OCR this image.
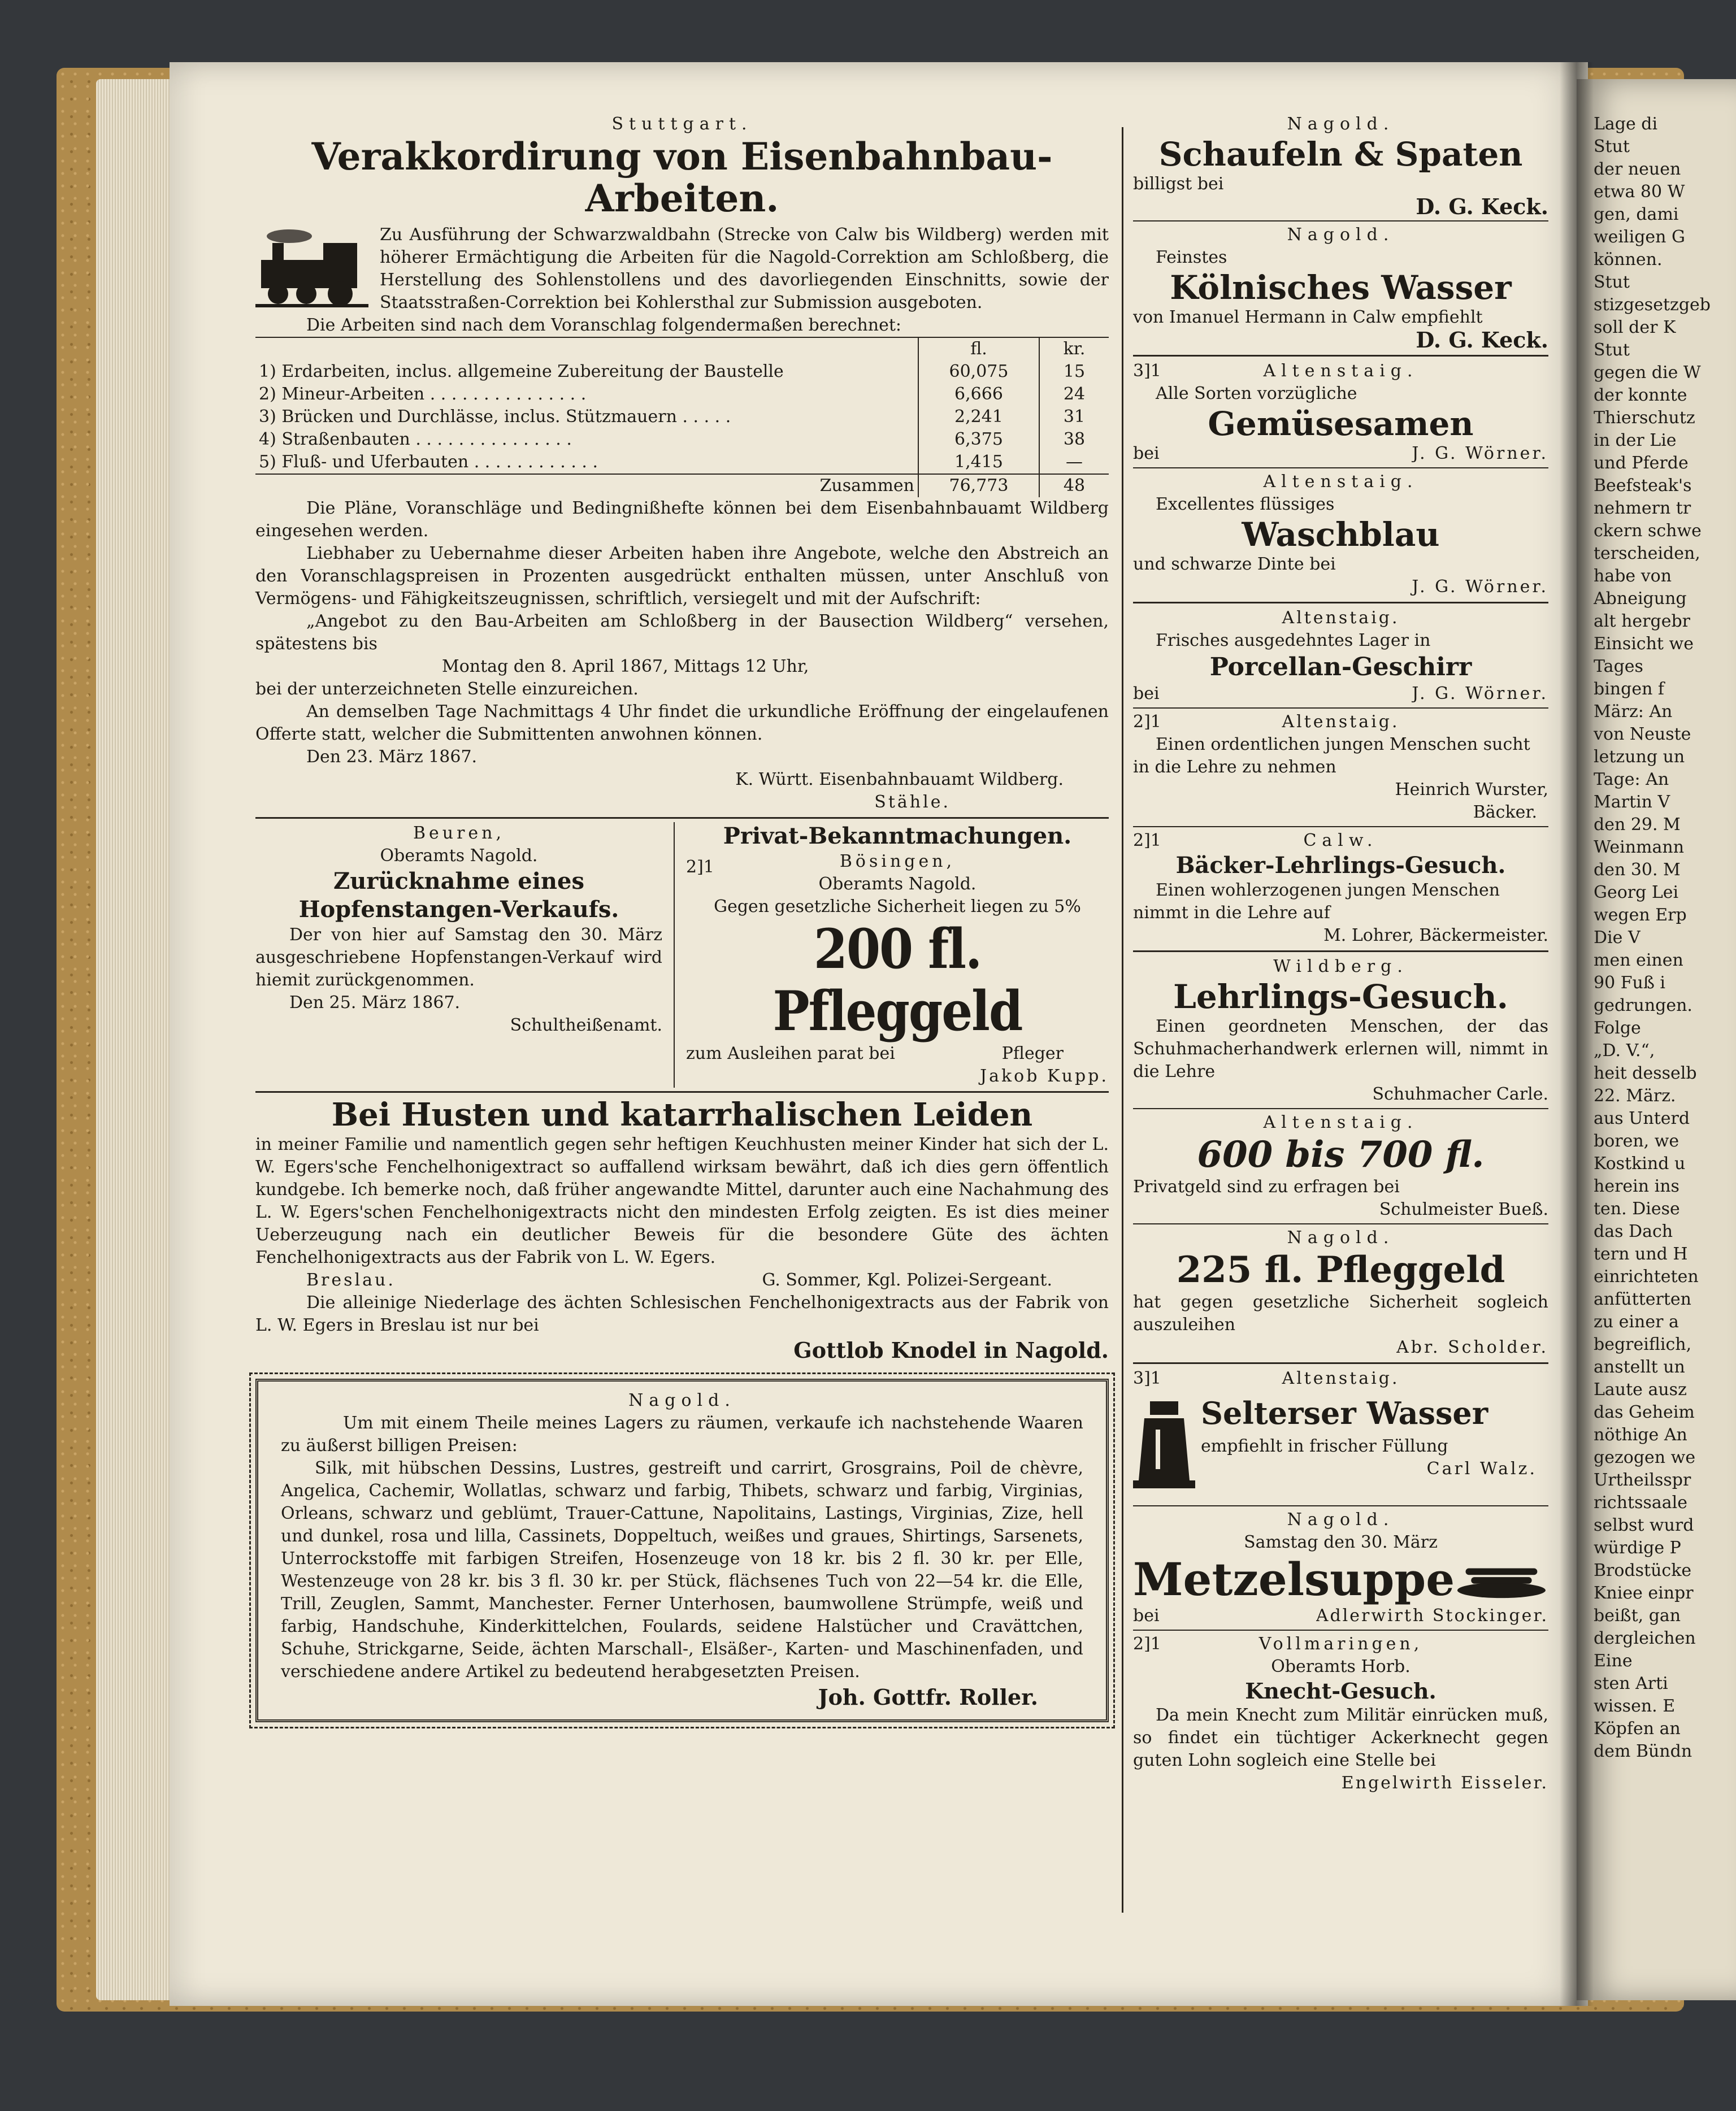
Lage di
Stut
der neuen
etwa 80 W
gen, dami
weiligen G
können.
Stut
stizgesetzgeb
soll der K
Stut
gegen die W
der konnte
Thierschutz
in der Lie
und Pferde
Beefsteak's
nehmern tr
ckern schwe
terscheiden,
habe von
Abneigung
alt hergebr
Einsicht we
Tages
bingen f
März: An
von Neuste
letzung un
Tage: An
Martin V
den 29. M
Weinmann
den 30. M
Georg Lei
wegen Erp
Die V
men einen
90 Fuß i
gedrungen.
Folge
„D. V.“,
heit desselb
22. März.
aus Unterd
boren, we
Kostkind u
herein ins
ten. Diese
das Dach
tern und H
einrichteten
anfütterten
zu einer a
begreiflich,
anstellt un
Laute ausz
das Geheim
nöthige An
gezogen we
Urtheilsspr
richtssaale
selbst wurd
würdige P
Brodstücke
Kniee einpr
beißt, gan
dergleichen
Eine
sten Arti
wissen. E
Köpfen an
dem Bündn
Stuttgart.
Verakkordirung von Eisenbahnbau-
Arbeiten.
Zu Ausführung der Schwarzwaldbahn (Strecke von Calw bis Wildberg) werden mit höherer Ermächtigung die Arbeiten für die Nagold-Correktion am Schloßberg, die Herstellung des Sohlenstollens und des davorliegenden Einschnitts, sowie der Staatsstraßen-Correktion bei Kohlersthal zur Submission ausgeboten.
Die Arbeiten sind nach dem Voranschlag folgendermaßen berechnet:
	fl.	kr.
1) Erdarbeiten, inclus. allgemeine Zubereitung der Baustelle	60,075	15
2) Mineur-Arbeiten . . . . . . . . . . . . . . .	6,666	24
3) Brücken und Durchlässe, inclus. Stützmauern . . . . .	2,241	31
4) Straßenbauten . . . . . . . . . . . . . . .	6,375	38
5) Fluß- und Uferbauten . . . . . . . . . . . .	1,415	—
Zusammen	76,773	48
Die Pläne, Voranschläge und Bedingnißhefte können bei dem Eisenbahnbauamt Wildberg eingesehen werden.
Liebhaber zu Uebernahme dieser Arbeiten haben ihre Angebote, welche den Abstreich an den Voranschlagspreisen in Prozenten ausgedrückt enthalten müssen, unter Anschluß von Vermögens- und Fähigkeitszeugnissen, schriftlich, versiegelt und mit der Aufschrift:
„Angebot zu den Bau-Arbeiten am Schloßberg in der Bausection Wildberg“ versehen, spätestens bis
Montag den 8. April 1867, Mittags 12 Uhr,
bei der unterzeichneten Stelle einzureichen.
An demselben Tage Nachmittags 4 Uhr findet die urkundliche Eröffnung der eingelaufenen Offerte statt, welcher die Submittenten anwohnen können.
Den 23. März 1867.
K. Württ. Eisenbahnbauamt Wildberg.
Stähle.
Beuren,
Oberamts Nagold.
Zurücknahme eines Hopfenstangen-Verkaufs.
Der von hier auf Samstag den 30. März ausgeschriebene Hopfenstangen-Verkauf wird hiemit zurückgenommen.
Den 25. März 1867.
Schultheißenamt.
Privat-Bekanntmachungen.
2]1	Bösingen,
Oberamts Nagold.
Gegen gesetzliche Sicherheit liegen zu 5%
200 fl. Pfleggeld
zum Ausleihen parat bei	Pfleger
Jakob Kupp.
Bei Husten und katarrhalischen Leiden
in meiner Familie und namentlich gegen sehr heftigen Keuchhusten meiner Kinder hat sich der L. W. Egers'sche Fenchelhonigextract so auffallend wirksam bewährt, daß ich dies gern öffentlich kundgebe. Ich bemerke noch, daß früher angewandte Mittel, darunter auch eine Nachahmung des L. W. Egers'schen Fenchelhonigextracts nicht den mindesten Erfolg zeigten. Es ist dies meiner Ueberzeugung nach ein deutlicher Beweis für die besondere Güte des ächten Fenchelhonigextracts aus der Fabrik von L. W. Egers.
Breslau.	G. Sommer, Kgl. Polizei-Sergeant.
Die alleinige Niederlage des ächten Schlesischen Fenchelhonigextracts aus der Fabrik von L. W. Egers in Breslau ist nur bei
Gottlob Knodel in Nagold.
Nagold.
Um mit einem Theile meines Lagers zu räumen, verkaufe ich nachstehende Waaren zu äußerst billigen Preisen:
Silk, mit hübschen Dessins, Lustres, gestreift und carrirt, Grosgrains, Poil de chèvre, Angelica, Cachemir, Wollatlas, schwarz und farbig, Thibets, schwarz und farbig, Virginias, Orleans, schwarz und geblümt, Trauer-Cattune, Napolitains, Lastings, Virginias, Zize, hell und dunkel, rosa und lilla, Cassinets, Doppeltuch, weißes und graues, Shirtings, Sarsenets, Unterrockstoffe mit farbigen Streifen, Hosenzeuge von 18 kr. bis 2 fl. 30 kr. per Elle, Westenzeuge von 28 kr. bis 3 fl. 30 kr. per Stück, flächsenes Tuch von 22—54 kr. die Elle, Trill, Zeuglen, Sammt, Manchester. Ferner Unterhosen, baumwollene Strümpfe, weiß und farbig, Handschuhe, Kinderkittelchen, Foulards, seidene Halstücher und Cravättchen, Schuhe, Strickgarne, Seide, ächten Marschall-, Elsäßer-, Karten- und Maschinenfaden, und verschiedene andere Artikel zu bedeutend herabgesetzten Preisen.
Joh. Gottfr. Roller.
Nagold.
Schaufeln & Spaten
billigst bei
D. G. Keck.
Nagold.
Feinstes
Kölnisches Wasser
von Imanuel Hermann in Calw empfiehlt
D. G. Keck.
3]1	Altenstaig.
Alle Sorten vorzügliche
Gemüsesamen
bei	J. G. Wörner.
Altenstaig.
Excellentes flüssiges
Waschblau
und schwarze Dinte bei
J. G. Wörner.
Altenstaig.
Frisches ausgedehntes Lager in
Porcellan-Geschirr
bei	J. G. Wörner.
2]1	Altenstaig.
Einen ordentlichen jungen Menschen sucht
in die Lehre zu nehmen
Heinrich Wurster,
Bäcker.
2]1	Calw.
Bäcker-Lehrlings-Gesuch.
Einen wohlerzogenen jungen Menschen
nimmt in die Lehre auf
M. Lohrer, Bäckermeister.
Wildberg.
Lehrlings-Gesuch.
Einen geordneten Menschen, der das Schuhmacherhandwerk erlernen will, nimmt in die Lehre
Schuhmacher Carle.
Altenstaig.
600 bis 700 fl.
Privatgeld sind zu erfragen bei
Schulmeister Bueß.
Nagold.
225 fl. Pfleggeld
hat gegen gesetzliche Sicherheit sogleich auszuleihen
Abr. Scholder.
3]1	Altenstaig.
Selterser Wasser
empfiehlt in frischer Füllung
Carl Walz.
Nagold.
Samstag den 30. März
Metzelsuppe
bei	Adlerwirth Stockinger.
2]1	Vollmaringen,
Oberamts Horb.
Knecht-Gesuch.
Da mein Knecht zum Militär einrücken muß, so findet ein tüchtiger Ackerknecht gegen guten Lohn sogleich eine Stelle bei
Engelwirth Eisseler.
